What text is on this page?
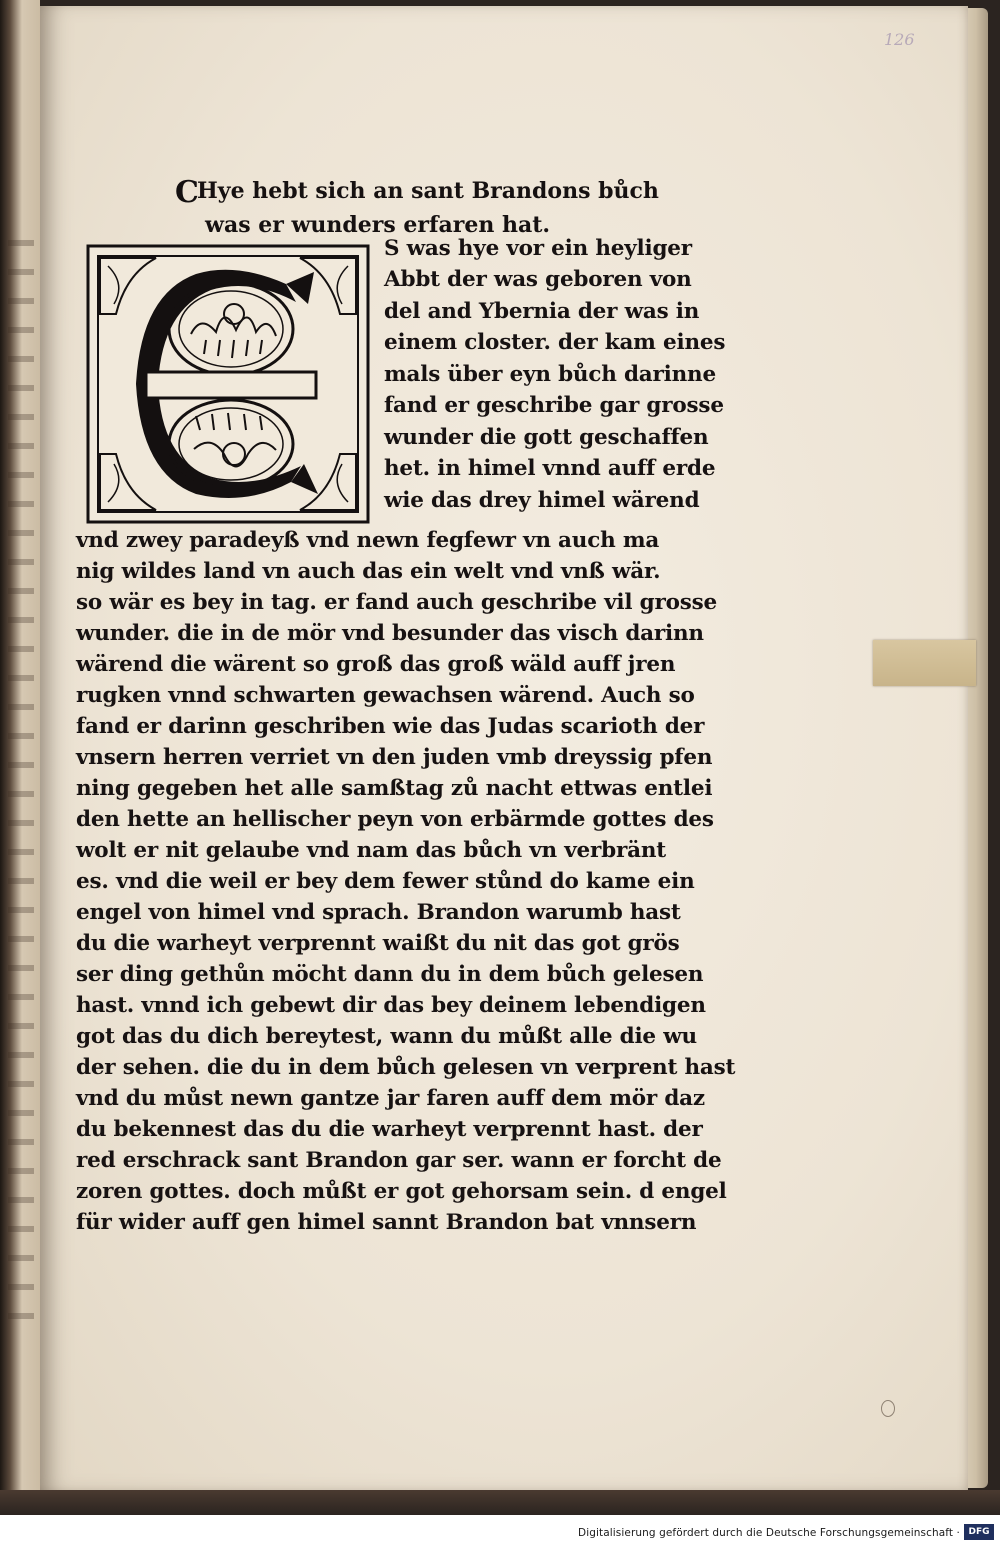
126
C
Hye hebt sich an sant Brandons bůch
was er wunders erfaren hat.
S was hye vor ein heyliger
Abbt der was geboren von
del and Ybernia der was in
einem closter. der kam eines
mals über eyn bůch darinne
fand er geschribe gar grosse
wunder die gott geschaffen
het. in himel vnnd auff erde
wie das drey himel wärend
vnd zwey paradeyß vnd newn fegfewr vn auch ma
nig wildes land vn auch das ein welt vnd vnß wär.
so wär es bey in tag. er fand auch geschribe vil grosse
wunder. die in de mör vnd besunder das visch darinn
wärend die wärent so groß das groß wäld auff jren
rugken vnnd schwarten gewachsen wärend. Auch so
fand er darinn geschriben wie das Judas scarioth der
vnsern herren verriet vn den juden vmb dreyssig pfen
ning gegeben het alle samßtag zů nacht ettwas entlei
den hette an hellischer peyn von erbärmde gottes des
wolt er nit gelaube vnd nam das bůch vn verbränt
es. vnd die weil er bey dem fewer stůnd do kame ein
engel von himel vnd sprach. Brandon warumb hast
du die warheyt verprennt waißt du nit das got grös
ser ding gethůn möcht dann du in dem bůch gelesen
hast. vnnd ich gebewt dir das bey deinem lebendigen
got das du dich bereytest, wann du můßt alle die wu
der sehen. die du in dem bůch gelesen vn verprent hast
vnd du můst newn gantze jar faren auff dem mör daz
du bekennest das du die warheyt verprennt hast. der
red erschrack sant Brandon gar ser. wann er forcht de
zoren gottes. doch můßt er got gehorsam sein. d engel
für wider auff gen himel sannt Brandon bat vnnsern
Digitalisierung gefördert durch die Deutsche Forschungsgemeinschaft · DFG
